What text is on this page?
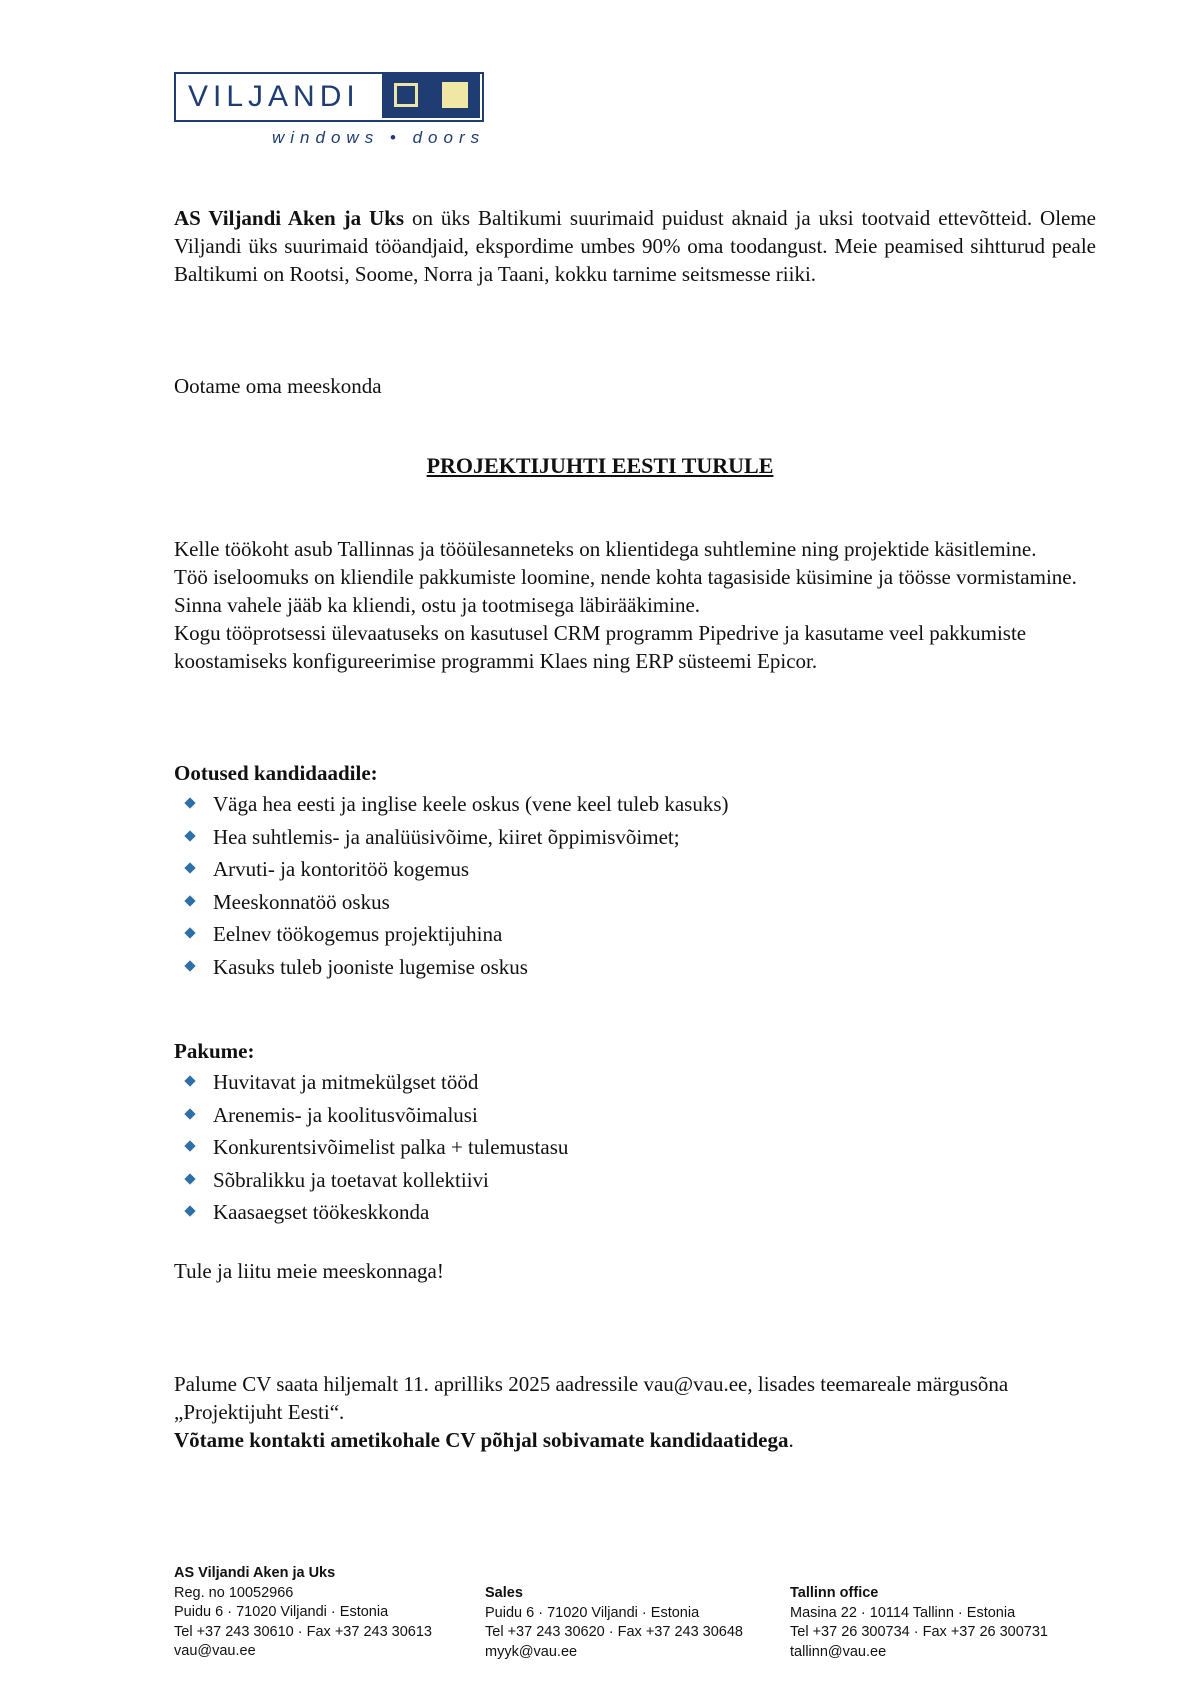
VILJANDI
windows • doors
AS Viljandi Aken ja Uks on üks Baltikumi suurimaid puidust aknaid ja uksi tootvaid ettevõtteid. Oleme Viljandi üks suurimaid tööandjaid, ekspordime umbes 90% oma toodangust. Meie peamised sihtturud peale Baltikumi on Rootsi, Soome, Norra ja Taani, kokku tarnime seitsmesse riiki.
Ootame oma meeskonda
PROJEKTIJUHTI EESTI TURULE
Kelle töökoht asub Tallinnas ja tööülesanneteks on klientidega suhtlemine ning projektide käsitlemine.
Töö iseloomuks on kliendile pakkumiste loomine, nende kohta tagasiside küsimine ja töösse vormistamine. Sinna vahele jääb ka kliendi, ostu ja tootmisega läbirääkimine.
Kogu tööprotsessi ülevaatuseks on kasutusel CRM programm Pipedrive ja kasutame veel pakkumiste koostamiseks konfigureerimise programmi Klaes ning ERP süsteemi Epicor.
Ootused kandidaadile:
Väga hea eesti ja inglise keele oskus (vene keel tuleb kasuks)
Hea suhtlemis- ja analüüsivõime, kiiret õppimisvõimet;
Arvuti- ja kontoritöö kogemus
Meeskonnatöö oskus
Eelnev töökogemus projektijuhina
Kasuks tuleb jooniste lugemise oskus
Pakume:
Huvitavat ja mitmekülgset tööd
Arenemis- ja koolitusvõimalusi
Konkurentsivõimelist palka + tulemustasu
Sõbralikku ja toetavat kollektiivi
Kaasaegset töökeskkonda
Tule ja liitu meie meeskonnaga!
Palume CV saata hiljemalt 11. aprilliks 2025 aadressile vau@vau.ee, lisades teemareale märgusõna „Projektijuht Eesti“.
Võtame kontakti ametikohale CV põhjal sobivamate kandidaatidega.
AS Viljandi Aken ja Uks
Reg. no 10052966
Puidu 6 · 71020 Viljandi · Estonia
Tel +37 243 30610 · Fax +37 243 30613
vau@vau.ee
Sales
Puidu 6 · 71020 Viljandi · Estonia
Tel +37 243 30620 · Fax +37 243 30648
myyk@vau.ee
Tallinn office
Masina 22 · 10114 Tallinn · Estonia
Tel +37 26 300734 · Fax +37 26 300731
tallinn@vau.ee
